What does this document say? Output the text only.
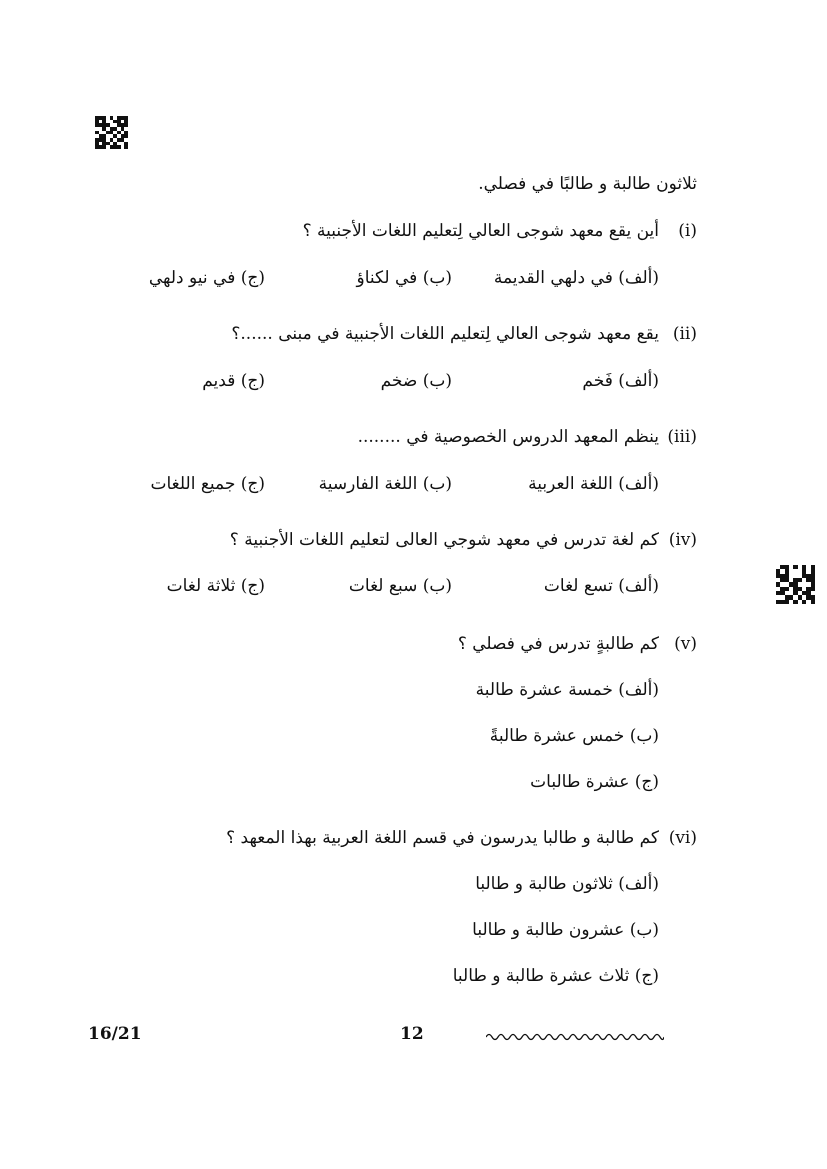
ثلاثون طالبة و طالبًا في فصلي.
(i)
أين يقع معهد شوجى العالي لِتعليم اللغات الأجنبية ؟
(ألف) في دلهي القديمة
(ب) في لكناؤ
(ج) في نيو دلهي
(ii)
يقع معهد شوجى العالي لِتعليم اللغات الأجنبية في مبنى ......؟
(ألف) فَخم
(ب) ضخم
(ج) قديم
(iii)
ينظم المعهد الدروس الخصوصية في ........
(ألف) اللغة العربية
(ب) اللغة الفارسية
(ج) جميع اللغات
(iv)
كم لغة تدرس في معهد شوجي العالى لتعليم اللغات الأجنبية ؟
(ألف) تسع لغات
(ب) سبع لغات
(ج) ثلاثة لغات
(v)
كم طالبةٍ تدرس في فصلي ؟
(ألف) خمسة عشرة طالبة
(ب) خمس عشرة طالبةً
(ج) عشرة طالبات
(vi)
كم طالبة و طالبا يدرسون في قسم اللغة العربية بهذا المعهد ؟
(ألف) ثلاثون طالبة و طالبا
(ب) عشرون طالبة و طالبا
(ج) ثلاث عشرة طالبة و طالبا
16/21	12
